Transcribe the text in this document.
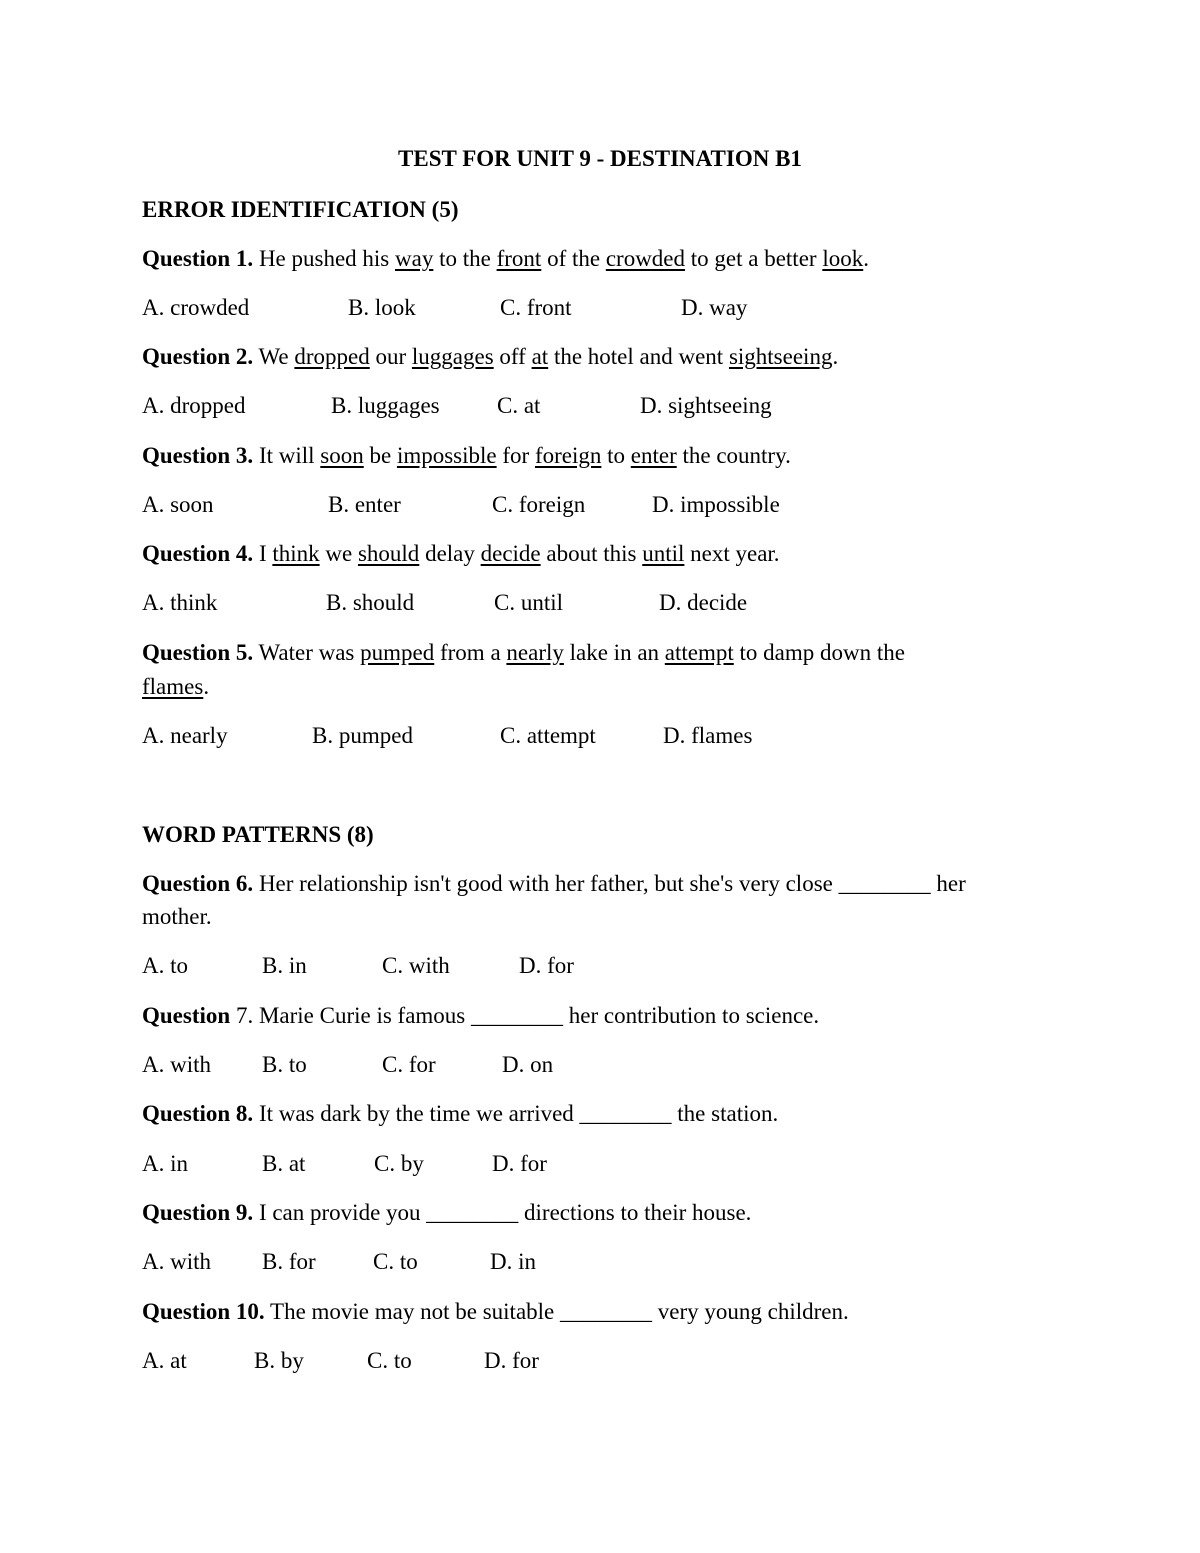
TEST FOR UNIT 9 - DESTINATION B1
ERROR IDENTIFICATION (5)
Question 1. He pushed his way to the front of the crowded to get a better look.
A. crowded	B. look	C. front	D. way
Question 2. We dropped our luggages off at the hotel and went sightseeing.
A. dropped	B. luggages C. at	D. sightseeing
Question 3. It will soon be impossible for foreign to enter the country.
A. soon	B. enter	C. foreign	D. impossible
Question 4. I think we should delay decide about this until next year.
A. think	B. should	C. until	D. decide
Question 5. Water was pumped from a nearly lake in an attempt to damp down the
flames.
A. nearly	B. pumped	C. attempt	D. flames
WORD PATTERNS (8)
Question 6. Her relationship isn't good with her father, but she's very close ________ her
mother.
A. to	B. in	C. with	D. for
Question 7. Marie Curie is famous ________ her contribution to science.
A. with B. to	C. for	D. on
Question 8. It was dark by the time we arrived ________ the station.
A. in	B. at	C. by	D. for
Question 9. I can provide you ________ directions to their house.
A. with B. for C. to	D. in
Question 10. The movie may not be suitable ________ very young children.
A. at	B. by	C. to	D. for
